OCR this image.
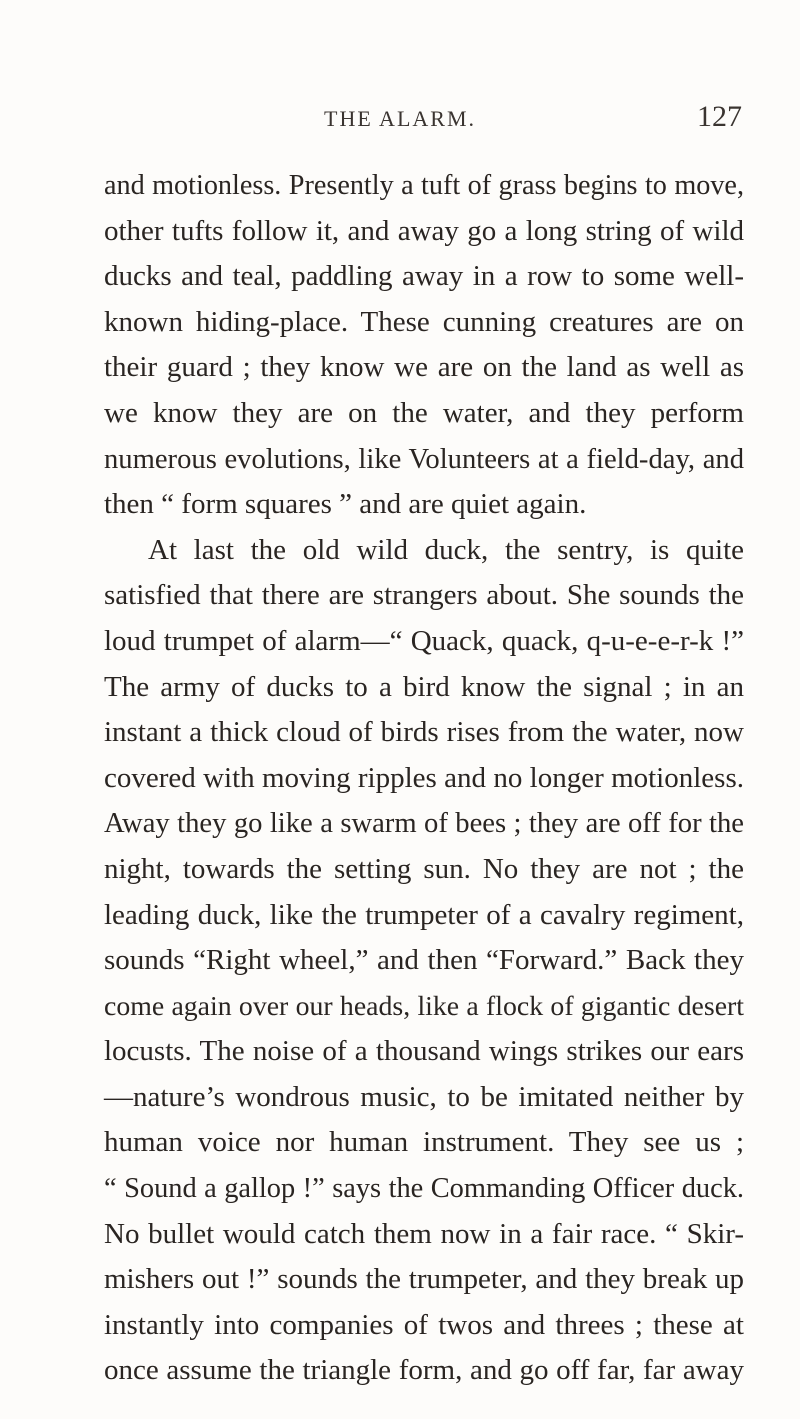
THE ALARM.	127
and motionless. Presently a tuft of grass begins to move,
other tufts follow it, and away go a long string of wild
ducks and teal, paddling away in a row to some well-
known hiding-place. These cunning creatures are on
their guard ; they know we are on the land as well as
we know they are on the water, and they perform
numerous evolutions, like Volunteers at a field-day, and
then “ form squares ” and are quiet again.
At last the old wild duck, the sentry, is quite
satisfied that there are strangers about. She sounds the
loud trumpet of alarm—“ Quack, quack, q-u-e-e-r-k !”
The army of ducks to a bird know the signal ; in an
instant a thick cloud of birds rises from the water, now
covered with moving ripples and no longer motionless.
Away they go like a swarm of bees ; they are off for the
night, towards the setting sun. No they are not ; the
leading duck, like the trumpeter of a cavalry regiment,
sounds “Right wheel,” and then “Forward.” Back they
come again over our heads, like a flock of gigantic desert
locusts. The noise of a thousand wings strikes our ears
—nature’s wondrous music, to be imitated neither by
human voice nor human instrument. They see us ;
“ Sound a gallop !” says the Commanding Officer duck.
No bullet would catch them now in a fair race. “ Skir-
mishers out !” sounds the trumpeter, and they break up
instantly into companies of twos and threes ; these at
once assume the triangle form, and go off far, far away
